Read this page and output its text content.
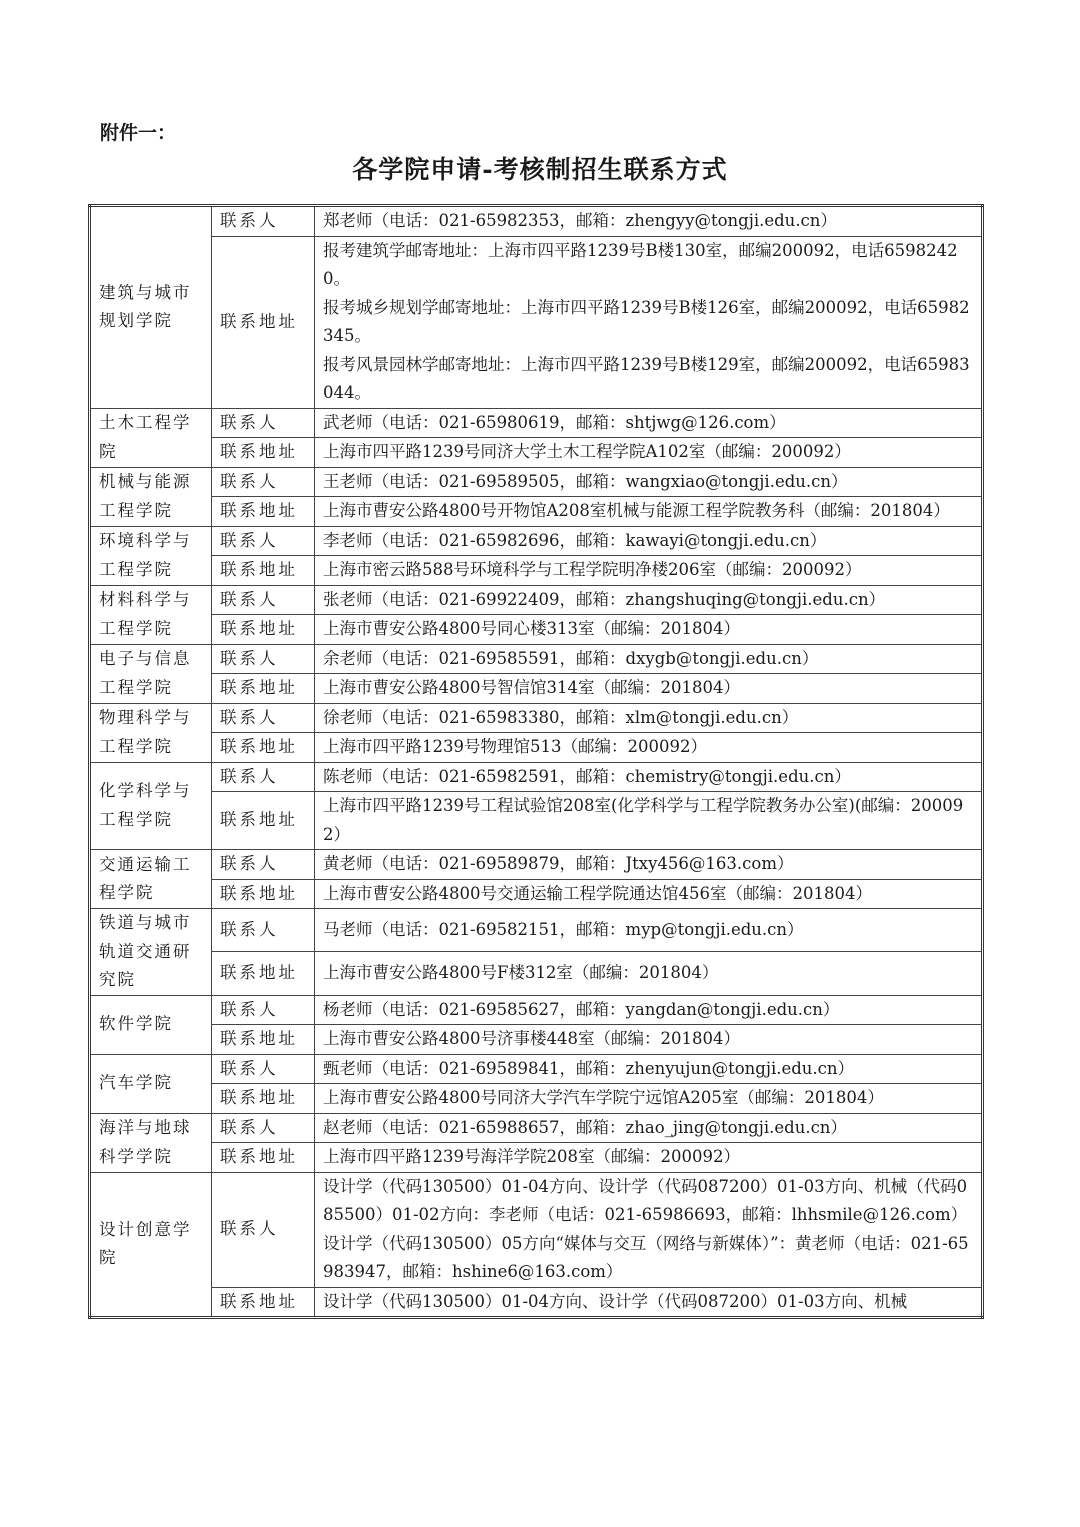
附件一：
各学院申请-考核制招生联系方式
建筑与城市规划学院	联系人	郑老师（电话：021-65982353，邮箱：zhengyy@tongji.edu.cn）

	联系地址	报考建筑学邮寄地址：上海市四平路1239号B楼130室，邮编200092，电话65982420。
报考城乡规划学邮寄地址：上海市四平路1239号B楼126室，邮编200092，电话65982345。
报考风景园林学邮寄地址：上海市四平路1239号B楼129室，邮编200092，电话65983044。

土木工程学院	联系人	武老师（电话：021-65980619，邮箱：shtjwg@126.com）

	联系地址	上海市四平路1239号同济大学土木工程学院A102室（邮编：200092）

机械与能源工程学院	联系人	王老师（电话：021-69589505，邮箱：wangxiao@tongji.edu.cn）

	联系地址	上海市曹安公路4800号开物馆A208室机械与能源工程学院教务科（邮编：201804）

环境科学与工程学院	联系人	李老师（电话：021-65982696，邮箱：kawayi@tongji.edu.cn）

	联系地址	上海市密云路588号环境科学与工程学院明净楼206室（邮编：200092）

材料科学与工程学院	联系人	张老师（电话：021-69922409，邮箱：zhangshuqing@tongji.edu.cn）

	联系地址	上海市曹安公路4800号同心楼313室（邮编：201804）

电子与信息工程学院	联系人	余老师（电话：021-69585591，邮箱：dxygb@tongji.edu.cn）

	联系地址	上海市曹安公路4800号智信馆314室（邮编：201804）

物理科学与工程学院	联系人	徐老师（电话：021-65983380，邮箱：xlm@tongji.edu.cn）

	联系地址	上海市四平路1239号物理馆513（邮编：200092）

化学科学与工程学院	联系人	陈老师（电话：021-65982591，邮箱：chemistry@tongji.edu.cn）

	联系地址	上海市四平路1239号工程试验馆208室(化学科学与工程学院教务办公室)(邮编：200092）

交通运输工程学院	联系人	黄老师（电话：021-69589879，邮箱：Jtxy456@163.com）

	联系地址	上海市曹安公路4800号交通运输工程学院通达馆456室（邮编：201804）

铁道与城市轨道交通研究院	联系人	马老师（电话：021-69582151，邮箱：myp@tongji.edu.cn）

	联系地址	上海市曹安公路4800号F楼312室（邮编：201804）

软件学院	联系人	杨老师（电话：021-69585627，邮箱：yangdan@tongji.edu.cn）

	联系地址	上海市曹安公路4800号济事楼448室（邮编：201804）

汽车学院	联系人	甄老师（电话：021-69589841，邮箱：zhenyujun@tongji.edu.cn）

	联系地址	上海市曹安公路4800号同济大学汽车学院宁远馆A205室（邮编：201804）

海洋与地球科学学院	联系人	赵老师（电话：021-65988657，邮箱：zhao_jing@tongji.edu.cn）

	联系地址	上海市四平路1239号海洋学院208室（邮编：200092）

设计创意学院	联系人	设计学（代码130500）01-04方向、设计学（代码087200）01-03方向、机械（代码085500）01-02方向：李老师（电话：021-65986693，邮箱：lhhsmile@126.com）
设计学（代码130500）05方向“媒体与交互（网络与新媒体）”：黄老师（电话：021-65983947，邮箱：hshine6@163.com）

	联系地址	设计学（代码130500）01-04方向、设计学（代码087200）01-03方向、机械
